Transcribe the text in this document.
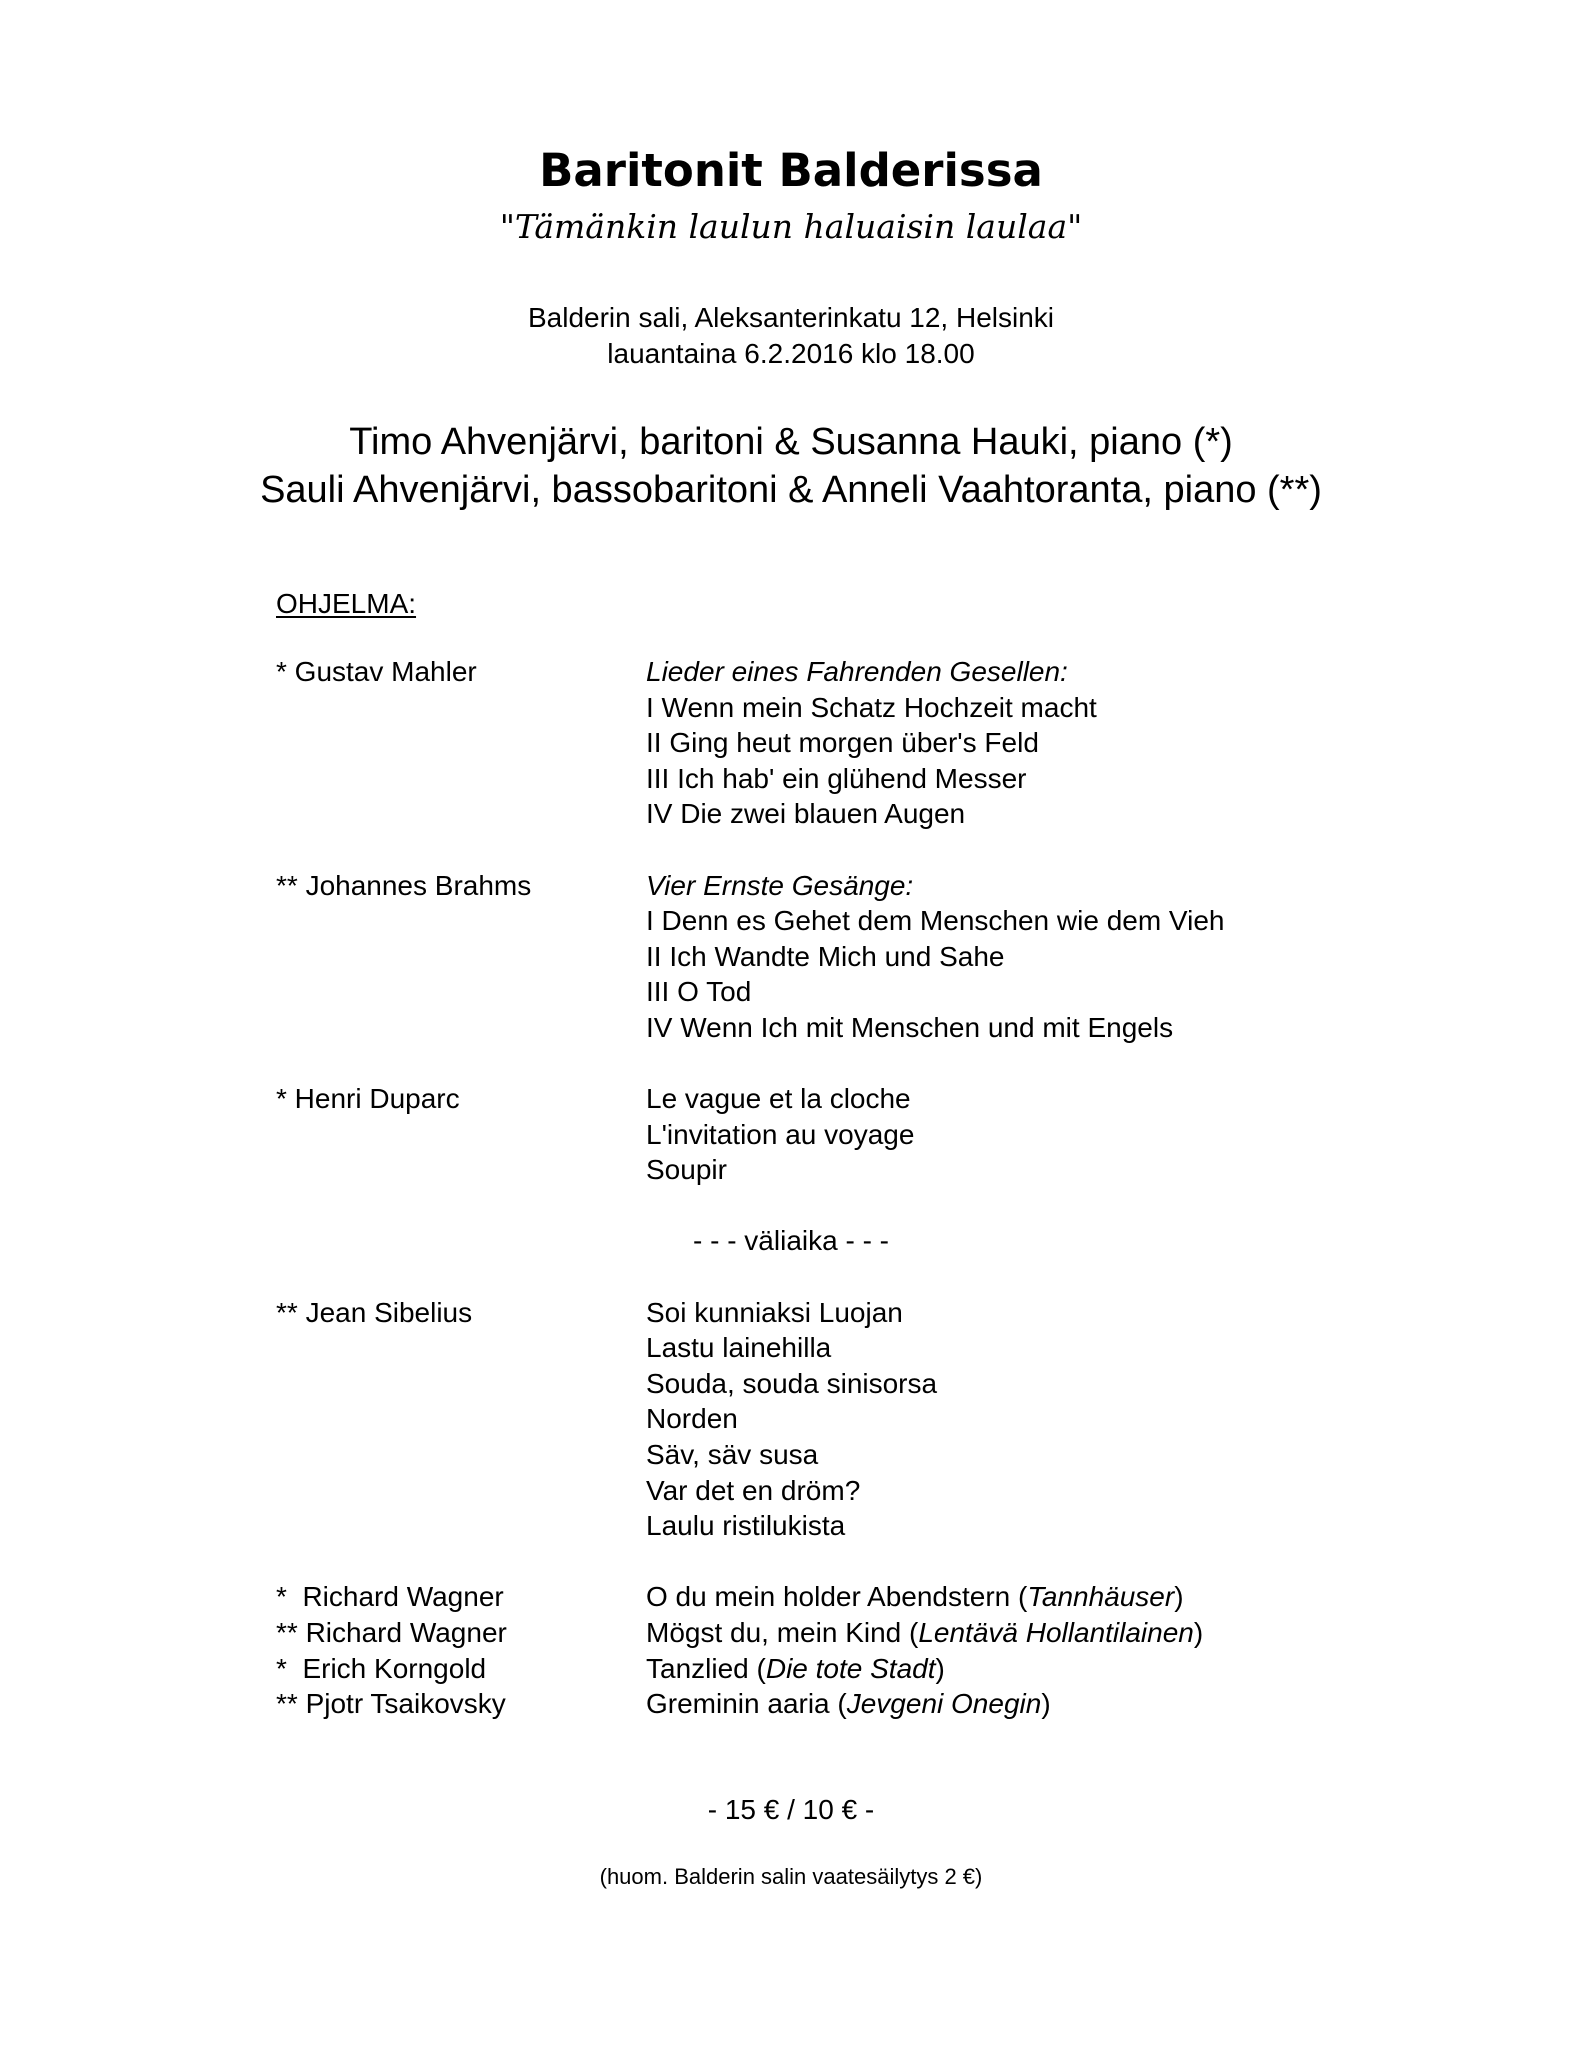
Baritonit Balderissa
"Tämänkin laulun haluaisin laulaa"
Balderin sali, Aleksanterinkatu 12, Helsinki
lauantaina 6.2.2016 klo 18.00
Timo Ahvenjärvi, baritoni & Susanna Hauki, piano (*)
Sauli Ahvenjärvi, bassobaritoni & Anneli Vaahtoranta, piano (**)
OHJELMA:
* Gustav Mahler	Lieder eines Fahrenden Gesellen:
I Wenn mein Schatz Hochzeit macht
II Ging heut morgen über's Feld
III Ich hab' ein glühend Messer
IV Die zwei blauen Augen
** Johannes Brahms	Vier Ernste Gesänge:
I Denn es Gehet dem Menschen wie dem Vieh
II Ich Wandte Mich und Sahe
III O Tod
IV Wenn Ich mit Menschen und mit Engels
* Henri Duparc	Le vague et la cloche
L'invitation au voyage
Soupir
** Jean Sibelius	Soi kunniaksi Luojan
Lastu lainehilla
Souda, souda sinisorsa
Norden
Säv, säv susa
Var det en dröm?
Laulu ristilukista
*  Richard Wagner	O du mein holder Abendstern (Tannhäuser)
** Richard Wagner	Mögst du, mein Kind (Lentävä Hollantilainen)
*  Erich Korngold	Tanzlied (Die tote Stadt)
** Pjotr Tsaikovsky	Greminin aaria (Jevgeni Onegin)
- - - väliaika - - -
- 15 € / 10 € -
(huom. Balderin salin vaatesäilytys 2 €)
